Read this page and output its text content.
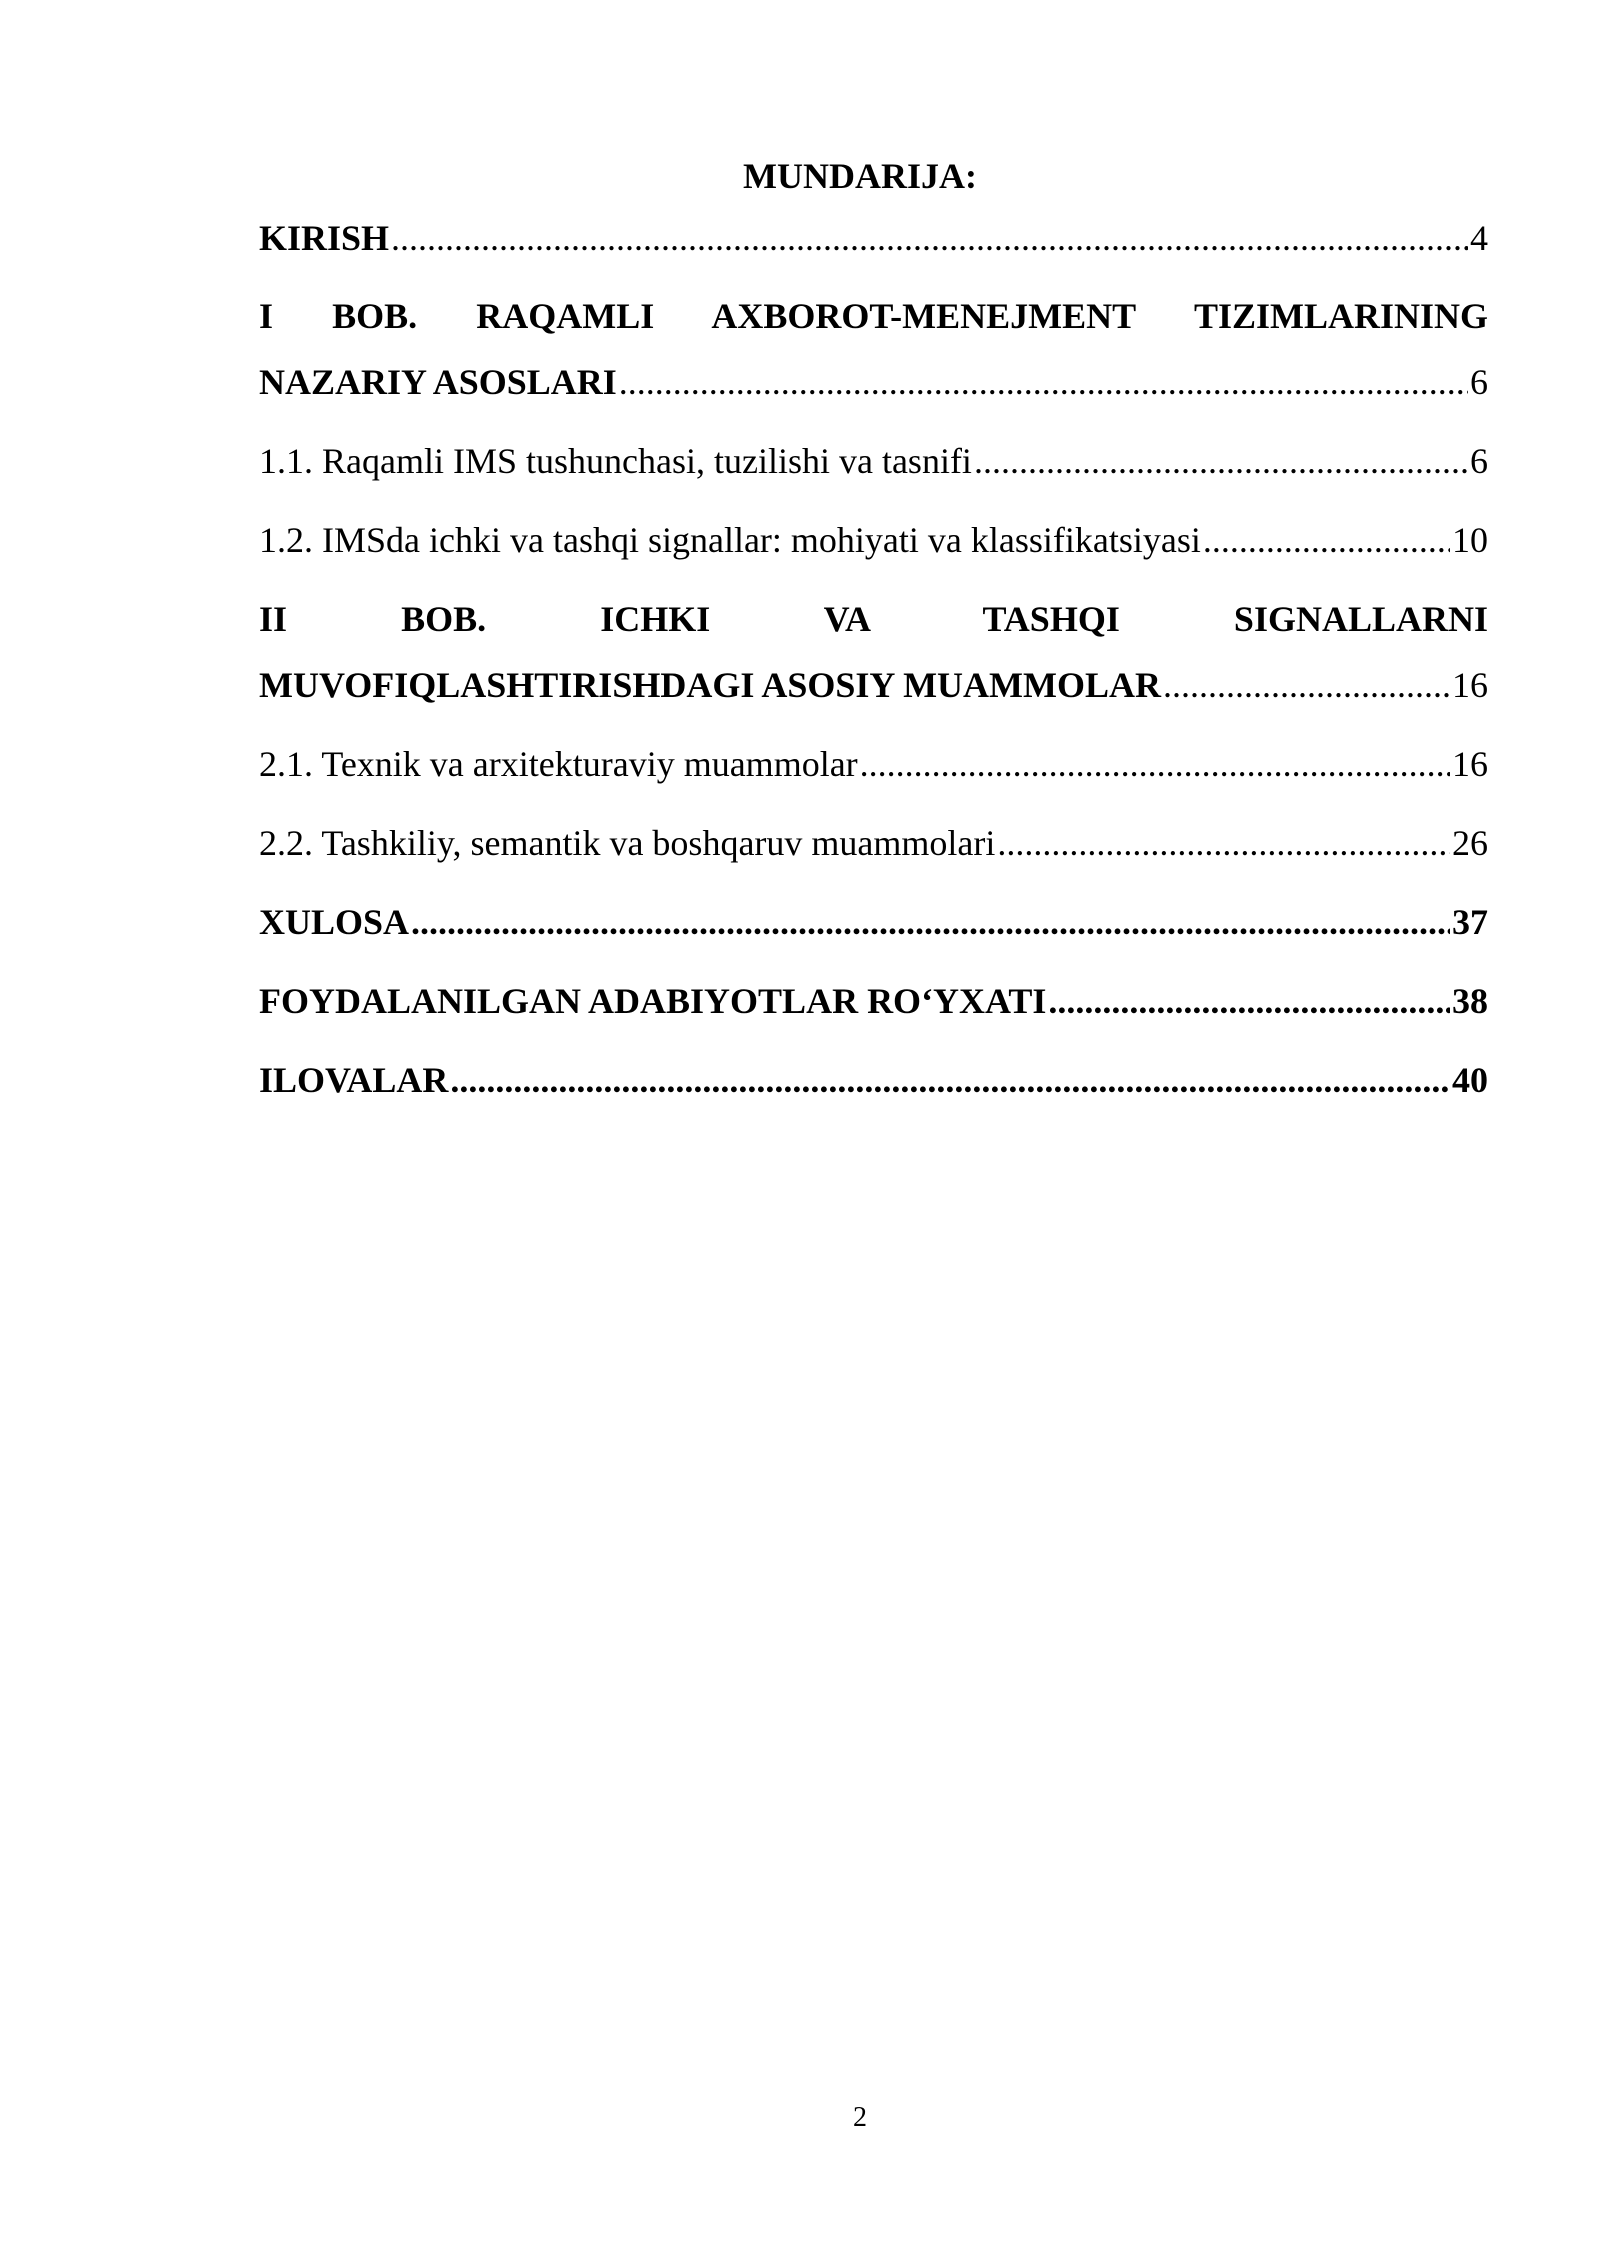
MUNDARIJA:
KIRISH .....	4
I BOB. RAQAMLI AXBOROT-MENEJMENT TIZIMLARINING
NAZARIY ASOSLARI .....	6
1.1. Raqamli IMS tushunchasi, tuzilishi va tasnifi .....	6
1.2. IMSda ichki va tashqi signallar: mohiyati va klassifikatsiyasi .....	10
II BOB. ICHKI VA TASHQI SIGNALLARNI
MUVOFIQLASHTIRISHDAGI ASOSIY MUAMMOLAR .....	16
2.1. Texnik va arxitekturaviy muammolar .....	16
2.2. Tashkiliy, semantik va boshqaruv muammolari .....	26
XULOSA .....	37
FOYDALANILGAN ADABIYOTLAR RO‘YXATI .....	38
ILOVALAR .....	40
2
